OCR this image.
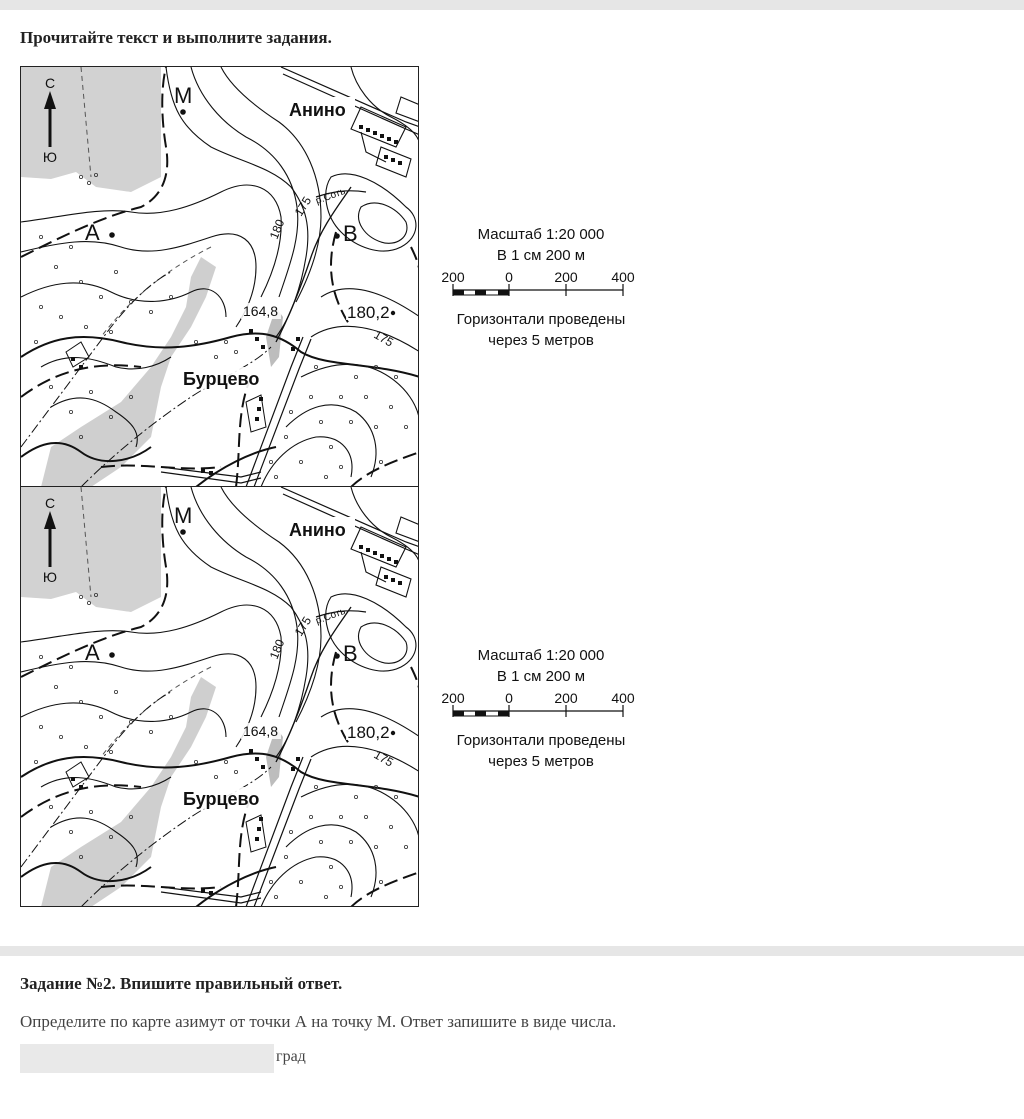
Прочитайте текст и выполните задания.
С
Ю
М
А	В
Анино
Бурцево
180
175 р.Соть
175
164,8	180,2
Масштаб 1:20 000
В 1 см 200 м
200	0	200 400
Горизонтали проведены
через 5 метров
С
Ю
М
А	В
Анино
Бурцево
180
175 р.Соть
175
164,8	180,2
Масштаб 1:20 000
В 1 см 200 м
200	0	200 400
Горизонтали проведены
через 5 метров
Задание №2. Впишите правильный ответ.
Определите по карте азимут от точки А на точку М. Ответ запишите в виде числа.
град
